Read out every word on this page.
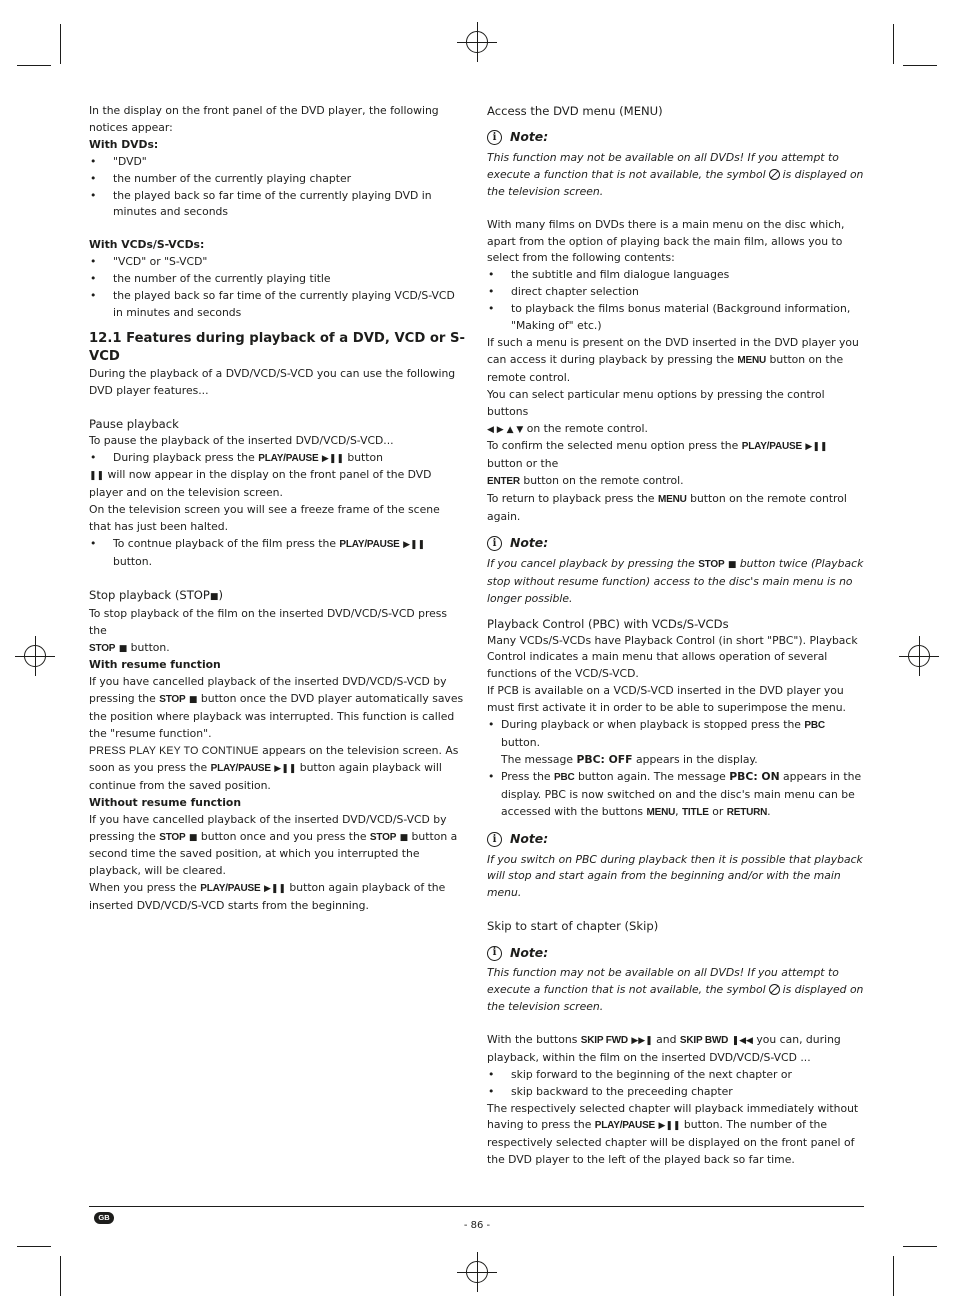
In the display on the front panel of the DVD player, the following notices appear:

With DVDs:

• "DVD"
• the number of the currently playing chapter
• the played back so far time of the currently playing DVD in minutes and seconds

With VCDs/S-VCDs:

• "VCD" or "S-VCD"
• the number of the currently playing title
• the played back so far time of the currently playing VCD/S-VCD in minutes and seconds

12.1 Features during playback of a DVD, VCD or S-VCD

During the playback of a DVD/VCD/S-VCD you can use the following DVD player features...

Pause playback

To pause the playback of the inserted DVD/VCD/S-VCD...

• During playback press the PLAY/PAUSE ▶❚❚ button

❚❚ will now appear in the display on the front panel of the DVD player and on the television screen.

On the television screen you will see a freeze frame of the scene that has just been halted.

• To contnue playback of the film press the PLAY/PAUSE ▶❚❚ button.

Stop playback (STOP■)

To stop playback of the film on the inserted DVD/VCD/S-VCD press the
STOP ■ button.

With resume function

If you have cancelled playback of the inserted DVD/VCD/S-VCD by pressing the STOP ■ button once the DVD player automatically saves the position where playback was interrupted. This function is called the "resume function".

PRESS PLAY KEY TO CONTINUE appears on the television screen. As soon as you press the PLAY/PAUSE ▶❚❚ button again playback will continue from the saved position.

Without resume function

If you have cancelled playback of the inserted DVD/VCD/S-VCD by pressing the STOP ■ button once and you press the STOP ■ button a second time the saved position, at which you interrupted the playback, will be cleared.

When you press the PLAY/PAUSE ▶❚❚ button again playback of the inserted DVD/VCD/S-VCD starts from the beginning.

Access the DVD menu (MENU)

i	Note:

This function may not be available on all DVDs! If you attempt to execute a function that is not available, the symbol is displayed on the television screen.

With many films on DVDs there is a main menu on the disc which, apart from the option of playing back the main film, allows you to select from the following contents:

• the subtitle and film dialogue languages
• direct chapter selection
• to playback the films bonus material (Background information, "Making of" etc.)

If such a menu is present on the DVD inserted in the DVD player you can access it during playback by pressing the MENU button on the remote control.

You can select particular menu options by pressing the control buttons
◀ ▶ ▲ ▼ on the remote control.

To confirm the selected menu option press the PLAY/PAUSE ▶❚❚ button or the
ENTER button on the remote control.

To return to playback press the MENU button on the remote control again.

i	Note:

If you cancel playback by pressing the STOP ■ button twice (Playback stop without resume function) access to the disc's main menu is no longer possible.

Playback Control (PBC) with VCDs/S-VCDs

Many VCDs/S-VCDs have Playback Control (in short "PBC"). Playback Control indicates a main menu that allows operation of several functions of the VCD/S-VCD.

If PCB is available on a VCD/S-VCD inserted in the DVD player you must first activate it in order to be able to superimpose the menu.

• During playback or when playback is stopped press the PBC button.
The message PBC: OFF appears in the display.
• Press the PBC button again. The message PBC: ON appears in the display. PBC is now switched on and the disc's main menu can be accessed with the buttons MENU, TITLE or RETURN.
i	Note:

If you switch on PBC during playback then it is possible that playback will stop and start again from the beginning and/or with the main menu.

Skip to start of chapter (Skip)

i	Note:

This function may not be available on all DVDs! If you attempt to execute a function that is not available, the symbol is displayed on the television screen.

With the buttons SKIP FWD ▶▶❚ and SKIP BWD ❚◀◀ you can, during playback, within the film on the inserted DVD/VCD/S-VCD ...

• skip forward to the beginning of the next chapter or
• skip backward to the preceeding chapter

The respectively selected chapter will playback immediately without having to press the PLAY/PAUSE ▶❚❚ button. The number of the respectively selected chapter will be displayed on the front panel of the DVD player to the left of the played back so far time.

GB
- 86 -
